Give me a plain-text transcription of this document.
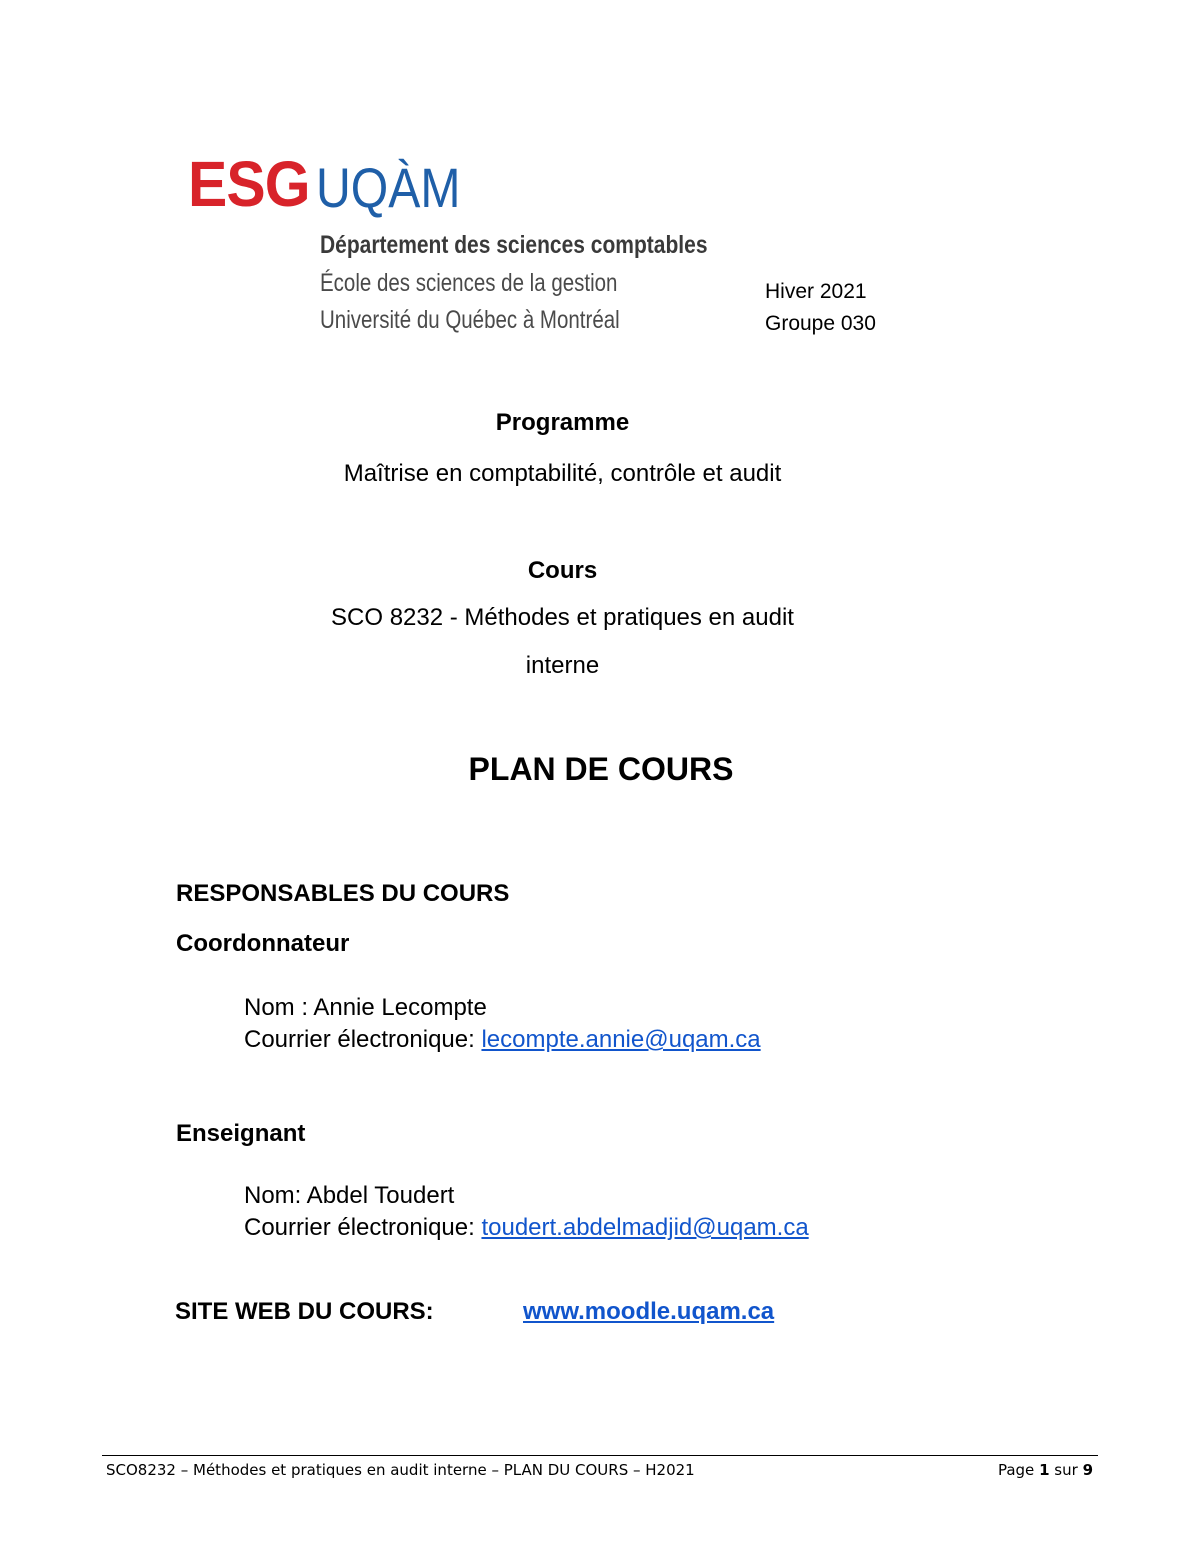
ESG UQÀM
Département des sciences comptables
École des sciences de la gestion
Université du Québec à Montréal
Hiver 2021
Groupe 030
Programme
Maîtrise en comptabilité, contrôle et audit
Cours
SCO 8232 - Méthodes et pratiques en audit
interne
PLAN DE COURS
RESPONSABLES DU COURS
Coordonnateur
Nom : Annie Lecompte
Courrier électronique: lecompte.annie@uqam.ca
Enseignant
Nom: Abdel Toudert
Courrier électronique: toudert.abdelmadjid@uqam.ca
SITE WEB DU COURS:	www.moodle.uqam.ca
SCO8232 – Méthodes et pratiques en audit interne – PLAN DU COURS – H2021	Page 1 sur 9
